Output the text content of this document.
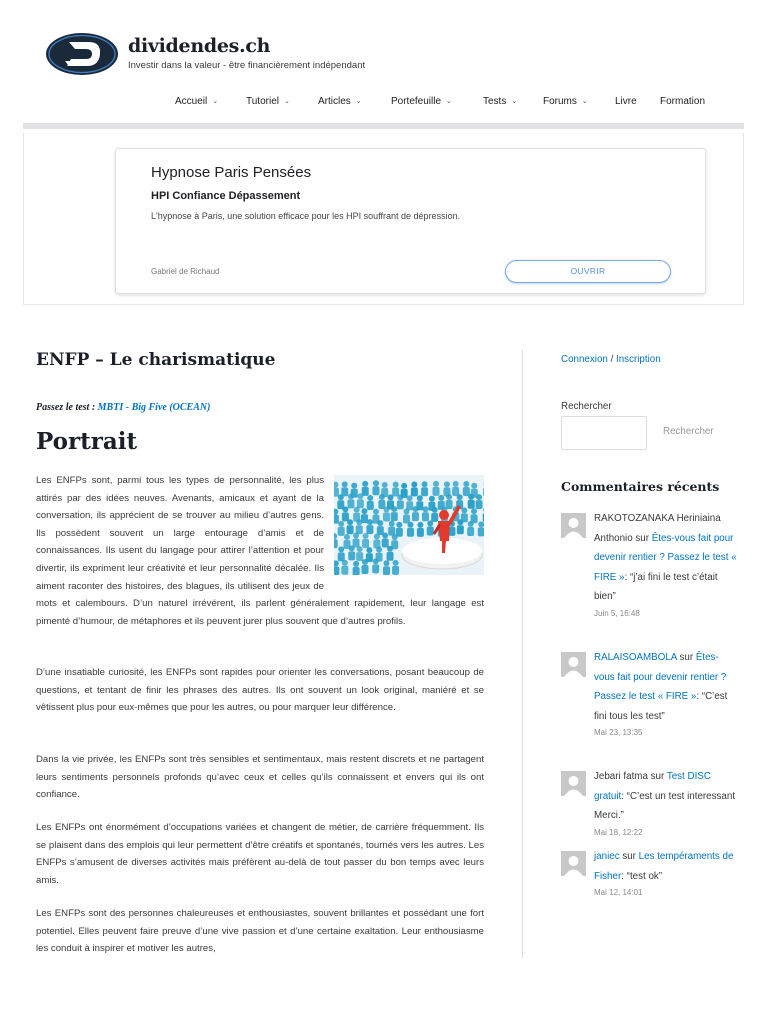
dividendes.ch
Investir dans la valeur - être financièrement indépendant
Accueil ⌄	Tutoriel ⌄	Articles ⌄	Portefeuille ⌄	Tests ⌄	Forums ⌄	Livre Formation
Hypnose Paris Pensées
HPI Confiance Dépassement
L'hypnose à Paris, une solution efficace pour les HPI souffrant de dépression.
Gabriel de Richaud	OUVRIR
ENFP – Le charismatique
Passez le test : MBTI - Big Five (OCEAN)
Portrait
Les ENFPs sont, parmi tous les types de personnalité, les plus attirés par des idées neuves. Avenants, amicaux et ayant de la conversation, ils apprécient de se trouver au milieu d’autres gens. Ils possèdent souvent un large entourage d’amis et de connaissances. Ils usent du langage pour attirer l’attention et pour divertir, ils expriment leur créativité et leur personnalité décalée. Ils aiment raconter des histoires, des blagues, ils utilisent des jeux de mots et calembours. D’un naturel irrévérent, ils parlent généralement rapidement, leur langage est pimenté d’humour, de métaphores et ils peuvent jurer plus souvent que d’autres profils.
D’une insatiable curiosité, les ENFPs sont rapides pour orienter les conversations, posant beaucoup de questions, et tentant de finir les phrases des autres. Ils ont souvent un look original, maniéré et se vêtissent plus pour eux-mêmes que pour les autres, ou pour marquer leur différence.
Dans la vie privée, les ENFPs sont très sensibles et sentimentaux, mais restent discrets et ne partagent leurs sentiments personnels profonds qu’avec ceux et celles qu’ils connaissent et envers qui ils ont confiance.
Les ENFPs ont énormément d’occupations variées et changent de métier, de carrière fréquemment. Ils se plaisent dans des emplois qui leur permettent d’être créatifs et spontanés, tournés vers les autres. Les ENFPs s’amusent de diverses activités mais préfèrent au-delà de tout passer du bon temps avec leurs amis.
Les ENFPs sont des personnes chaleureuses et enthousiastes, souvent brillantes et possédant une fort potentiel. Elles peuvent faire preuve d’une vive passion et d’une certaine exaltation. Leur enthousiasme les conduit à inspirer et motiver les autres,
Connexion / Inscription
Rechercher
Rechercher
Commentaires récents
RAKOTOZANAKA Heriniaina Anthonio sur Êtes-vous fait pour devenir rentier ? Passez le test « FIRE »: “j’ai fini le test c’était bien”
Juin 5, 16:48
RALAISOAMBOLA sur Êtes-vous fait pour devenir rentier ? Passez le test « FIRE »: “C’est fini tous les test”
Mai 23, 13:35
Jebari fatma sur Test DISC gratuit: “C’est un test interessant Merci.”
Mai 18, 12:22
janiec sur Les tempéraments de Fisher: “test ok”
Mai 12, 14:01
